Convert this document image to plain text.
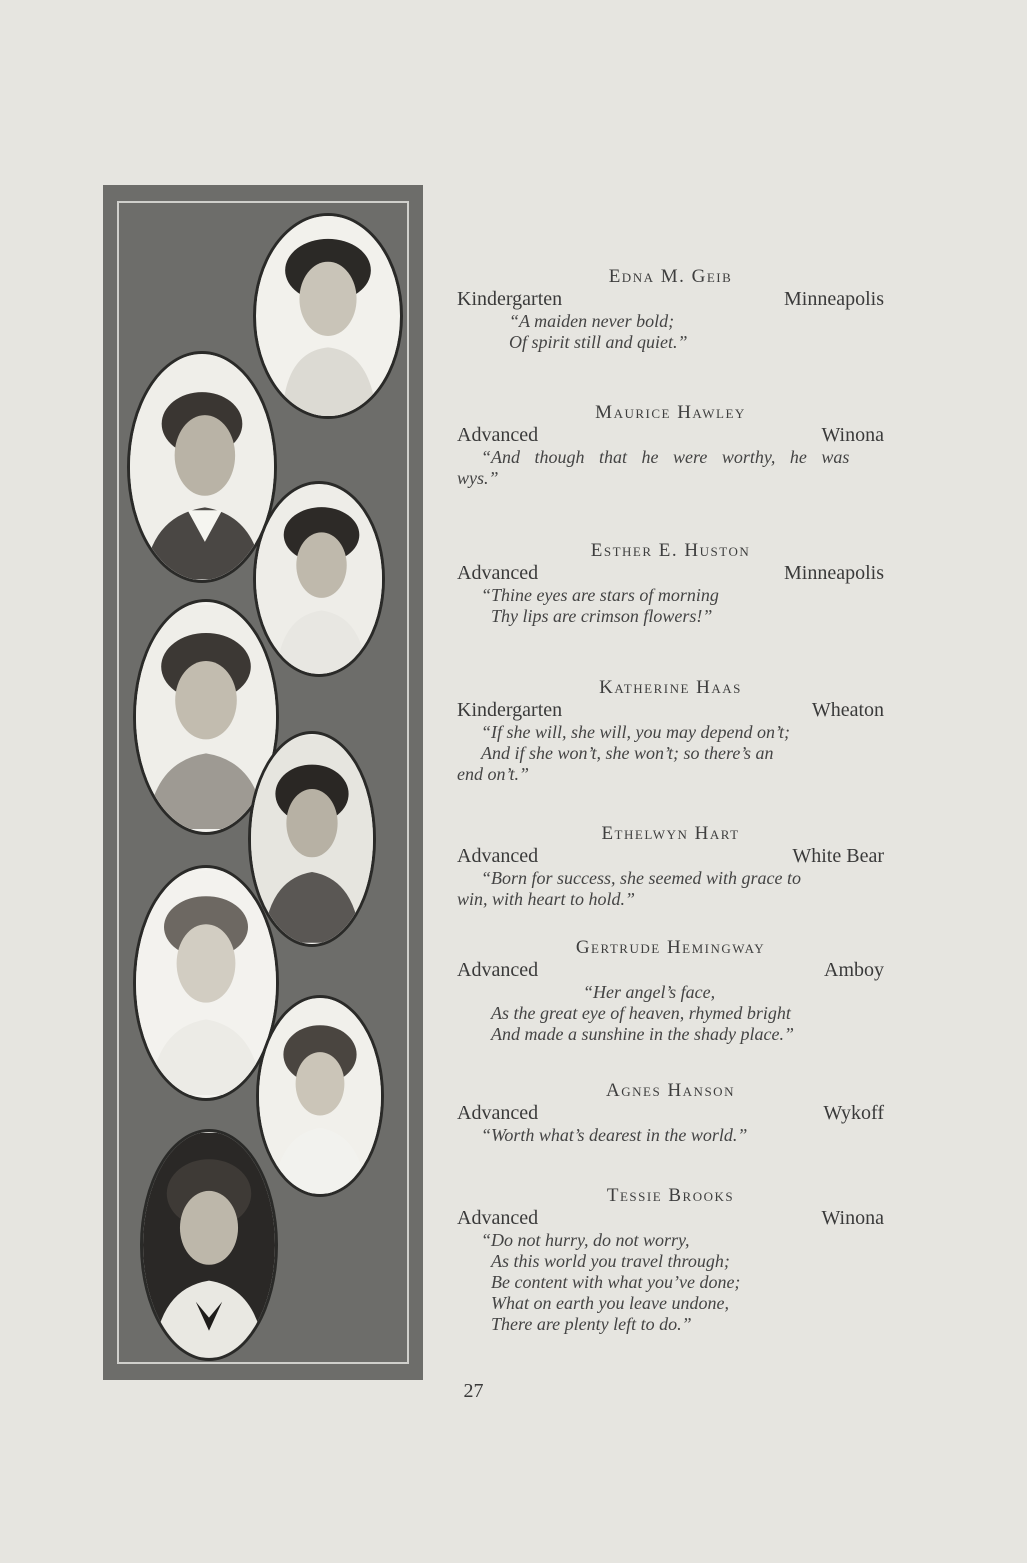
Edna M. Geib
Kindergarten	Minneapolis
“A maiden never bold;
Of spirit still and quiet.”
Maurice Hawley
Advanced	Winona
“And though that he were worthy, he was
wys.”
Esther E. Huston
Advanced	Minneapolis
“Thine eyes are stars of morning
Thy lips are crimson flowers!”
Katherine Haas
Kindergarten	Wheaton
“If she will, she will, you may depend on’t;
And if she won’t, she won’t; so there’s an
end on’t.”
Ethelwyn Hart
Advanced	White Bear
“Born for success, she seemed with grace to
win, with heart to hold.”
Gertrude Hemingway
Advanced	Amboy
“Her angel’s face,
As the great eye of heaven, rhymed bright
And made a sunshine in the shady place.”
Agnes Hanson
Advanced	Wykoff
“Worth what’s dearest in the world.”
Tessie Brooks
Advanced	Winona
“Do not hurry, do not worry,
As this world you travel through;
Be content with what you’ve done;
What on earth you leave undone,
There are plenty left to do.”
27
